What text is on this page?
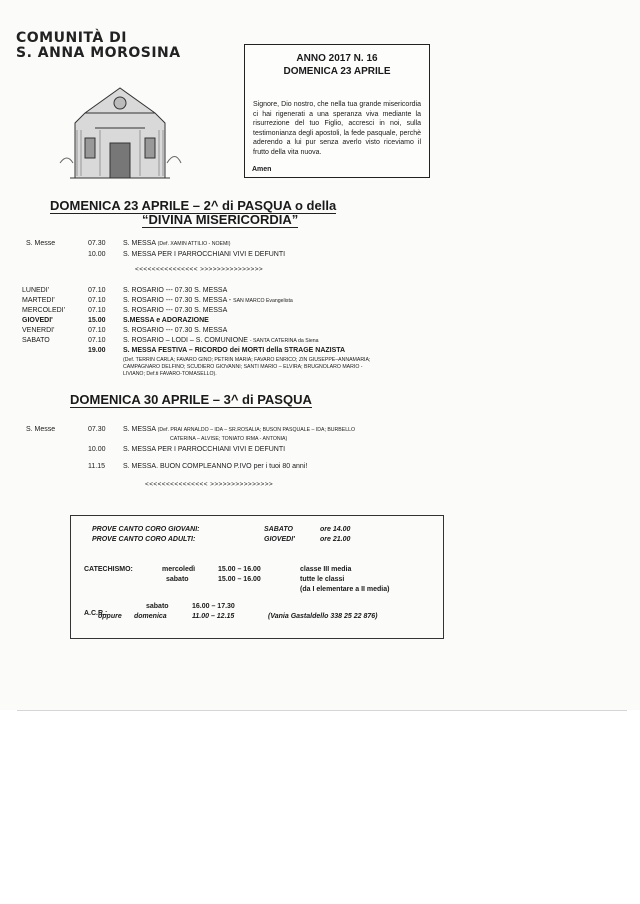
COMUNITÀ DI
S. ANNA MOROSINA	ANNO 2017 N. 16
DOMENICA 23 APRILE
Signore, Dio nostro, che nella tua grande misericordia ci hai rigenerati a una speranza viva mediante la risurrezione del tuo Figlio, accresci in noi, sulla testimonianza degli apostoli, la fede pasquale, perchè aderendo a lui pur senza averlo visto riceviamo il frutto della vita nuova.
Amen
DOMENICA 23 APRILE – 2^ di PASQUA o della
“DIVINA MISERICORDIA”
S. Messe	07.30 S. MESSA (Def. XAMIN ATTILIO - NOEMI)
10.00 S. MESSA PER I PARROCCHIANI VIVI E DEFUNTI
<<<<<<<<<<<<<<< >>>>>>>>>>>>>>>
LUNEDI'	07.10 S. ROSARIO --- 07.30 S. MESSA
MARTEDI'	07.10 S. ROSARIO --- 07.30 S. MESSA - SAN MARCO Evangelista
MERCOLEDI'	07.10 S. ROSARIO --- 07.30 S. MESSA
GIOVEDI'	15.00 S.MESSA e ADORAZIONE
VENERDI'	07.10 S. ROSARIO --- 07.30 S. MESSA
SABATO	07.10 S. ROSARIO – LODI – S. COMUNIONE - SANTA CATERINA da Siena
19.00 S. MESSA FESTIVA – RICORDO dei MORTI della STRAGE NAZISTA
(Def. TERRIN CARLA; FAVARO GINO; PETRIN MARIA; FAVARO ENRICO; ZIN GIUSEPPE–ANNAMARIA;
CAMPAGNARO DELFINO; SCUDIERO GIOVANNI; SANTI MARIO – ELVIRA; BRUGNOLARO MARIO -
LIVIANO; Def.ti FAVARO-TOMASELLO).
DOMENICA 30 APRILE – 3^ di PASQUA
S. Messe	07.30 S. MESSA (Def. PRAI ARNALDO – IDA – SR.ROSALIA; BUSON PASQUALE – IDA; BURBELLO
CATERINA – ALVISE; TONIATO IRMA - ANTONIA)
10.00 S. MESSA PER I PARROCCHIANI VIVI E DEFUNTI
11.15	S. MESSA. BUON COMPLEANNO P.IVO per i tuoi 80 anni!
<<<<<<<<<<<<<<< >>>>>>>>>>>>>>>
PROVE CANTO CORO GIOVANI:	SABATO	ore 14.00
PROVE CANTO CORO ADULTI:	GIOVEDI'	ore 21.00
CATECHISMO:	mercoledì	15.00 – 16.00	classe III media
sabato	15.00 – 16.00	tutte le classi
(da I elementare a II media)
A.C.R.:
sabato	16.00 – 17.30
oppure domenica	11.00 – 12.15	(Vania Gastaldello 338 25 22 876)
